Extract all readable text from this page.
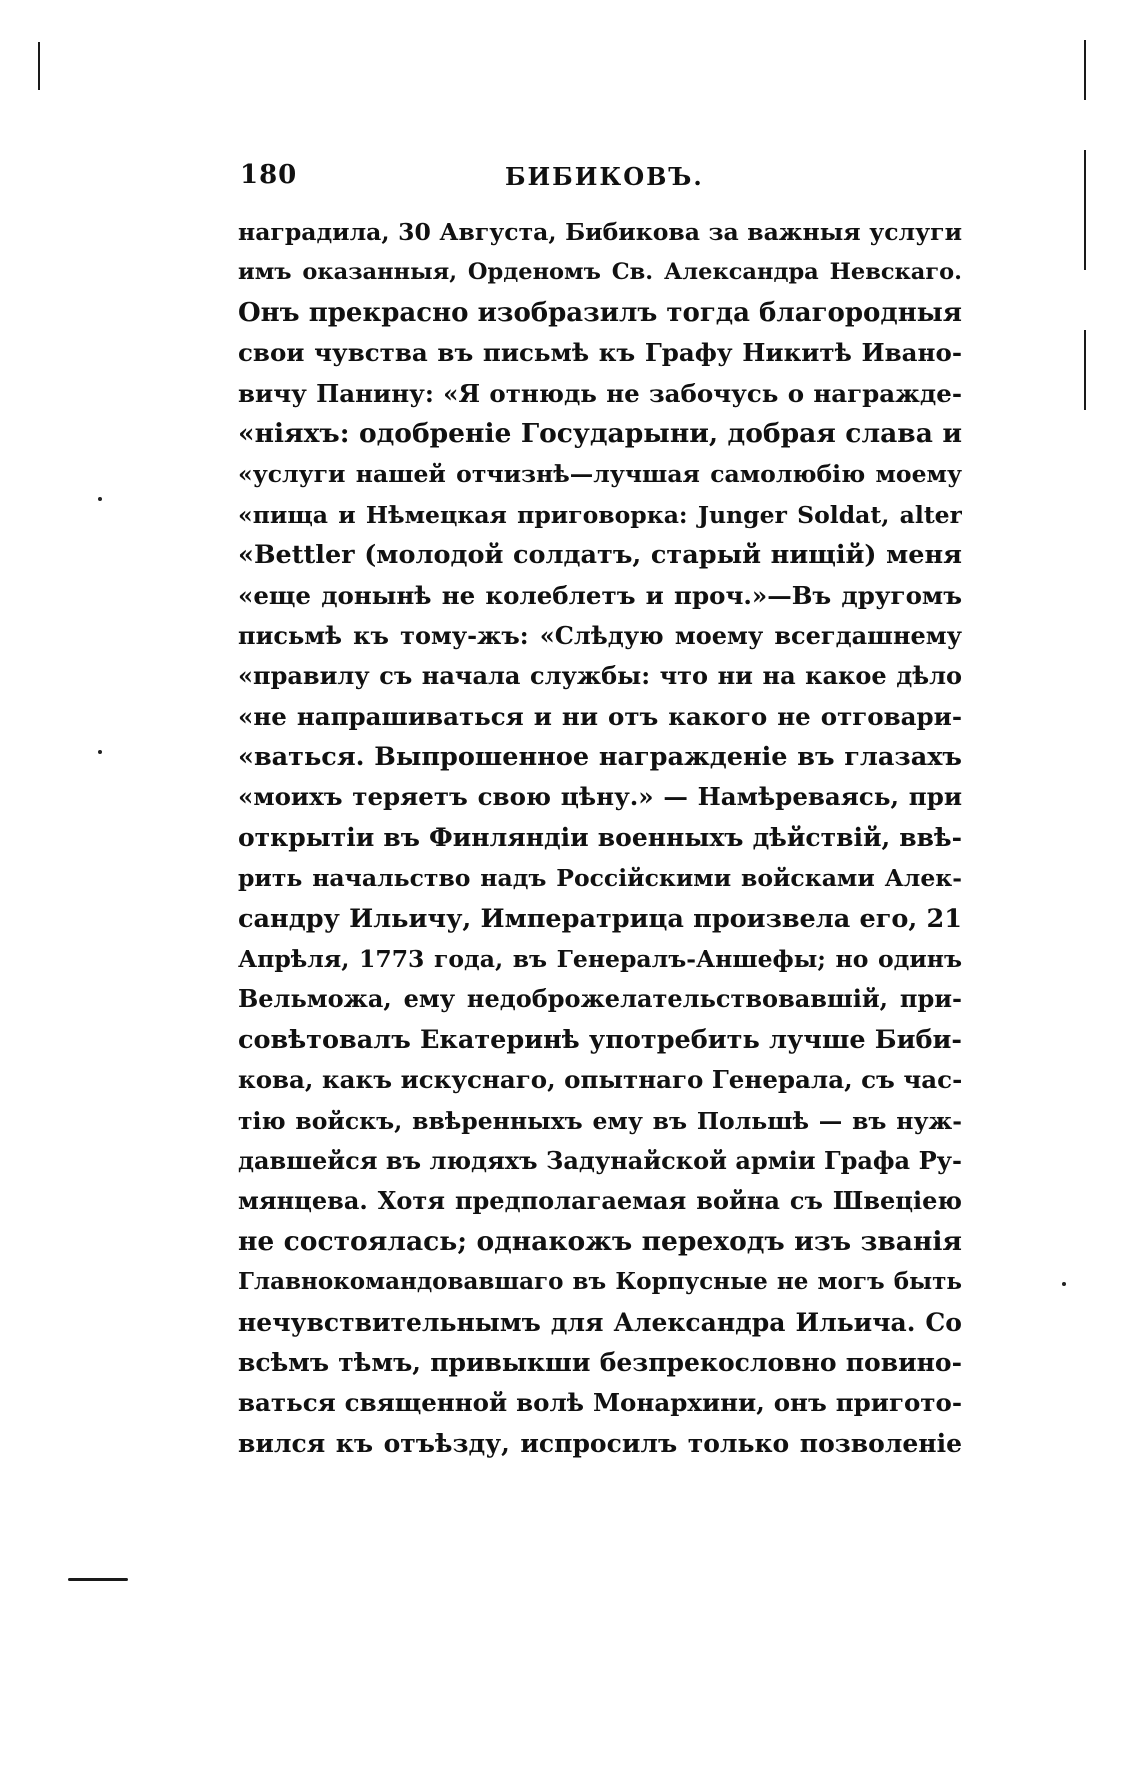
180	БИБИКОВЪ.
наградила, 30 Августа, Бибикова за важныя услуги
имъ оказанныя, Орденомъ Св. Александра Невскаго.
Онъ прекрасно изобразилъ тогда благородныя
свои чувства въ письмѣ къ Графу Никитѣ Ивано-
вичу Панину: «Я отнюдь не забочусь о награжде-
«ніяхъ: одобреніе Государыни, добрая слава и
«услуги нашей отчизнѣ—лучшая самолюбію моему
«пища и Нѣмецкая приговорка: Junger Soldat, alter
«Bettler (молодой солдатъ, старый нищій) меня
«еще донынѣ не колеблетъ и проч.»—Въ другомъ
письмѣ къ тому-жъ: «Слѣдую моему всегдашнему
«правилу съ начала службы: что ни на какое дѣло
«не напрашиваться и ни отъ какого не отговари-
«ваться. Выпрошенное награжденіе въ глазахъ
«моихъ теряетъ свою цѣну.» — Намѣреваясь, при
открытіи въ Финляндіи военныхъ дѣйствій, ввѣ-
рить начальство надъ Россійскими войсками Алек-
сандру Ильичу, Императрица произвела его, 21
Апрѣля, 1773 года, въ Генералъ-Аншефы; но одинъ
Вельможа, ему недоброжелательствовавшій, при-
совѣтовалъ Екатеринѣ употребить лучше Биби-
кова, какъ искуснаго, опытнаго Генерала, съ час-
тію войскъ, ввѣренныхъ ему въ Польшѣ — въ нуж-
давшейся въ людяхъ Задунайской арміи Графа Ру-
мянцева. Хотя предполагаемая война съ Швеціею
не состоялась; однакожъ переходъ изъ званія
Главнокомандовавшаго въ Корпусные не могъ быть
нечувствительнымъ для Александра Ильича. Со
всѣмъ тѣмъ, привыкши безпрекословно повино-
ваться священной волѣ Монархини, онъ пригото-
вился къ отъѣзду, испросилъ только позволеніе
